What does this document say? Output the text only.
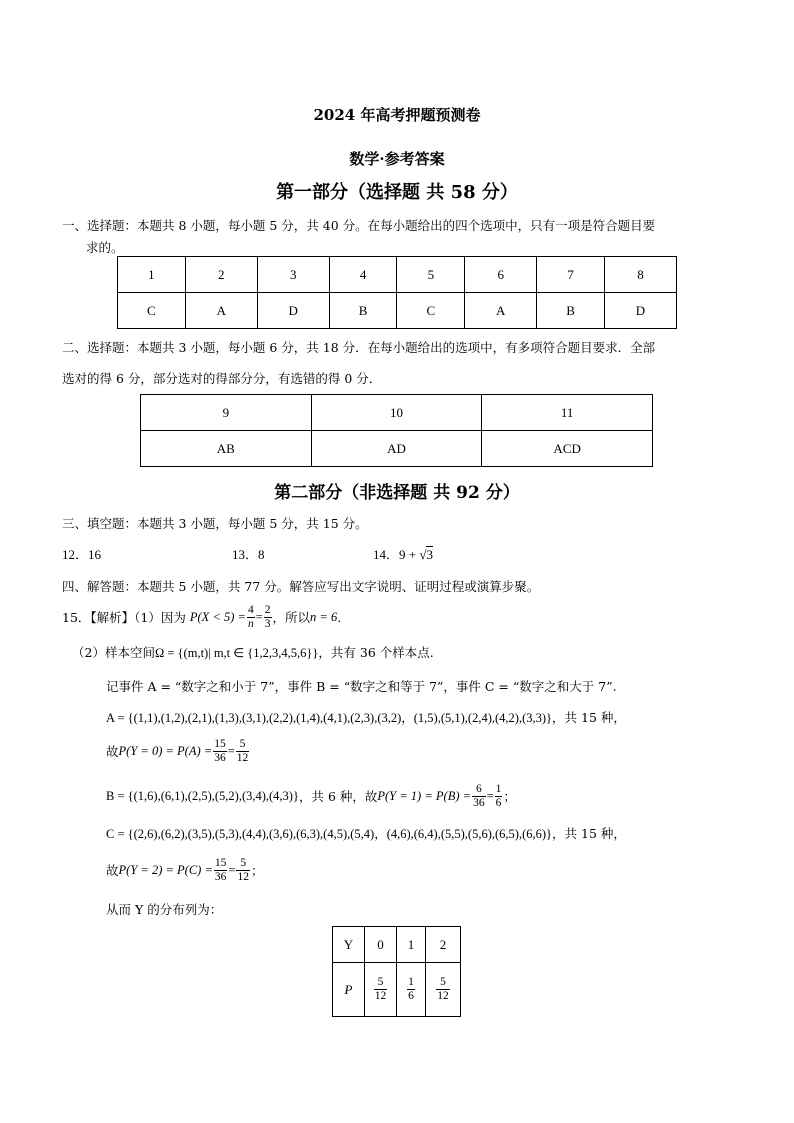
2024 年高考押题预测卷
数学·参考答案
第一部分（选择题 共 58 分）
一、选择题：本题共 8 小题，每小题 5 分，共 40 分。在每小题给出的四个选项中，只有一项是符合题目要
求的。
1	2	3	4	5	6	7	8
C	A	D	B	C	A	B	D
二、选择题：本题共 3 小题，每小题 6 分，共 18 分．在每小题给出的选项中，有多项符合题目要求．全部
选对的得 6 分，部分选对的得部分分，有选错的得 0 分．
9	10	11
AB	AD	ACD
第二部分（非选择题 共 92 分）
三、填空题：本题共 3 小题，每小题 5 分，共 15 分。
12．16	13．8	14．9 + √3
四、解答题：本题共 5 小题，共 77 分。解答应写出文字说明、证明过程或演算步聚。
15．【解析】（1）因为 $P(X < 5) = \frac{4}{n} = \frac{2}{3}$ ，所以 n = 6 .
（2）样本空间Ω = {(m,t)| m,t ∈ {1,2,3,4,5,6}}，共有 36 个样本点.
记事件 A = “数字之和小于 7”，事件 B = “数字之和等于 7”，事件 C = “数字之和大于 7”.
A = {(1,1),(1,2),(2,1),(1,3),(3,1),(2,2),(1,4),(4,1),(2,3),(3,2)，(1,5),(5,1),(2,4),(4,2),(3,3)}，共 15 种，
故 $P(Y = 0) = P(A) = \frac{15}{36} = \frac{5}{12}$
B = {(1,6),(6,1),(2,5),(5,2),(3,4),(4,3)} ，共 6 种，故 $P(Y = 1) = P(B) = \frac{6}{36} = \frac{1}{6}$ ；
C = {(2,6),(6,2),(3,5),(5,3),(4,4),(3,6),(6,3),(4,5),(5,4)，(4,6),(6,4),(5,5),(5,6),(6,5),(6,6)}，共 15 种，
故 $P(Y = 2) = P(C) = \frac{15}{36} = \frac{5}{12}$ ；
从而 Y 的分布列为：
Y	0	1	2
P	$\frac{5}{12}$	$\frac{1}{6}$	$\frac{5}{12}$
